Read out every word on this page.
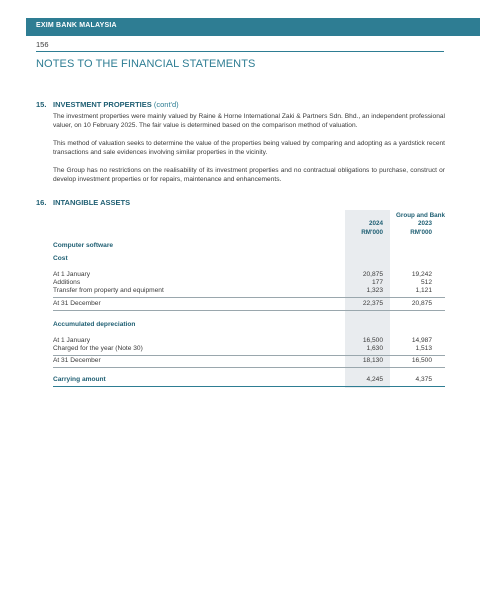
EXIM BANK MALAYSIA
156
NOTES TO THE FINANCIAL STATEMENTS
15. INVESTMENT PROPERTIES (cont'd)
The investment properties were mainly valued by Raine & Horne International Zaki & Partners Sdn. Bhd., an independent professional valuer, on 10 February 2025. The fair value is determined based on the comparison method of valuation.
This method of valuation seeks to determine the value of the properties being valued by comparing and adopting as a yardstick recent transactions and sale evidences involving similar properties in the vicinity.
The Group has no restrictions on the realisability of its investment properties and no contractual obligations to purchase, construct or develop investment properties or for repairs, maintenance and enhancements.
16. INTANGIBLE ASSETS
Group and Bank
2024	2023
RM'000	RM'000
Computer software
Cost
At 1 January	20,875	19,242
Additions	177	512
Transfer from property and equipment	1,323	1,121
At 31 December	22,375	20,875
Accumulated depreciation
At 1 January	16,500	14,987
Charged for the year (Note 30)	1,630	1,513
At 31 December	18,130	16,500
Carrying amount	4,245	4,375
